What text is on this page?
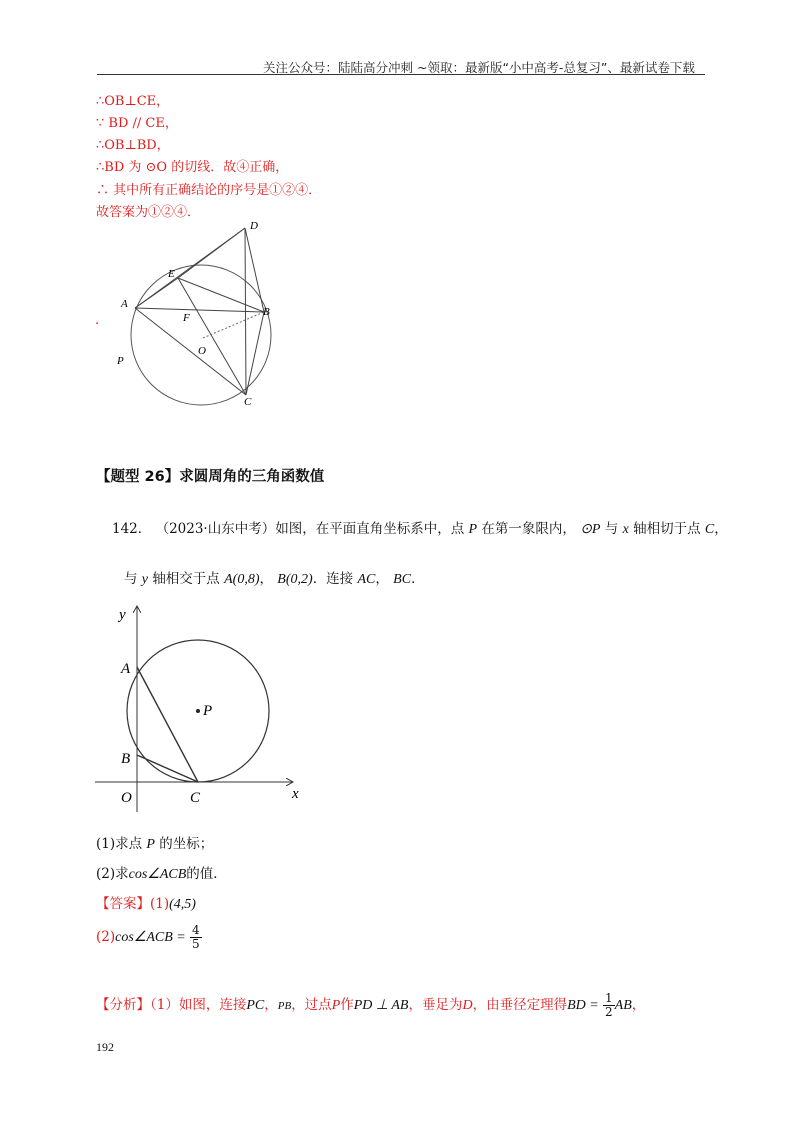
关注公众号：陆陆高分冲刺 ~领取：最新版“小中高考-总复习”、最新试卷下载
∴OB⊥CE，
∵ BD // CE，
∴OB⊥BD，
∴BD 为 ⊙O 的切线．故④正确，
∴ 其中所有正确结论的序号是①②④．
故答案为①②④．
D
E
A
B
F
O
P
C
.
【题型 26】求圆周角的三角函数值
142． （2023·山东中考）如图，在平面直角坐标系中，点 P 在第一象限内， ⊙P 与 x 轴相切于点 C，
与 y 轴相交于点 A(0,8)， B(0,2)．连接 AC， BC．
y
x
A
B
O	C
P
(1)求点 P 的坐标；
(2)求cos∠ACB的值．
【答案】(1)(4,5)
(2)cos∠ACB = $\frac{4}{5}$
【分析】（1）如图，连接PC，PB，过点P作PD ⊥ AB，垂足为D，由垂径定理得BD = $\frac{1}{2}$ AB，
192
